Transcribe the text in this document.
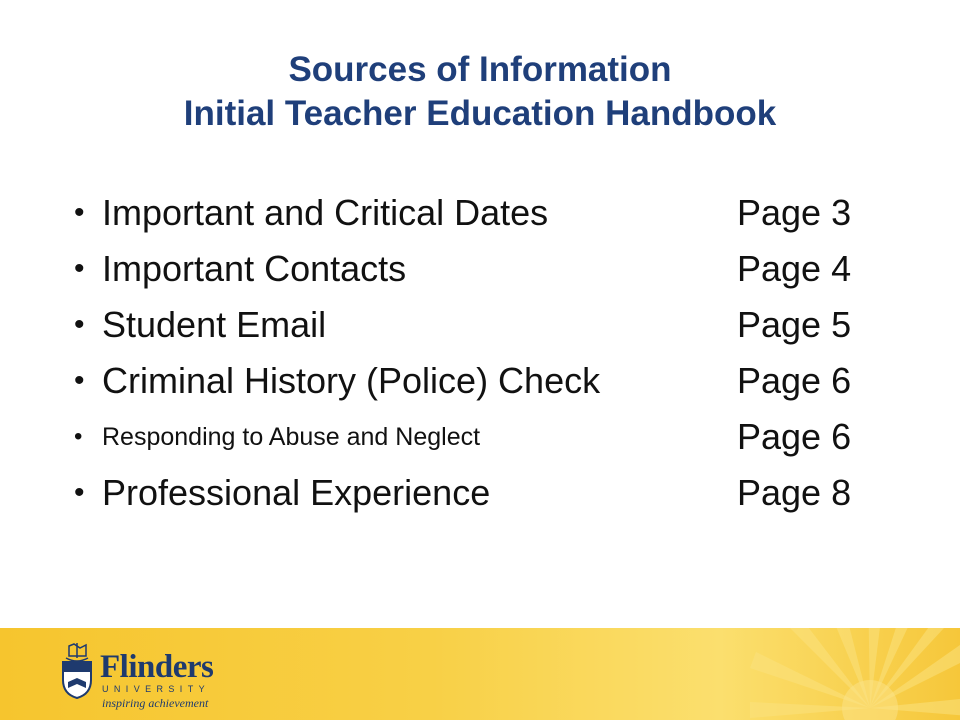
Sources of Information
Initial Teacher Education Handbook
• Important and Critical Dates	Page 3
• Important Contacts	Page 4
• Student Email	Page 5
• Criminal History (Police) Check	Page 6
• Responding to Abuse and Neglect	Page 6
• Professional Experience	Page 8
Flinders
UNIVERSITY
inspiring achievement
